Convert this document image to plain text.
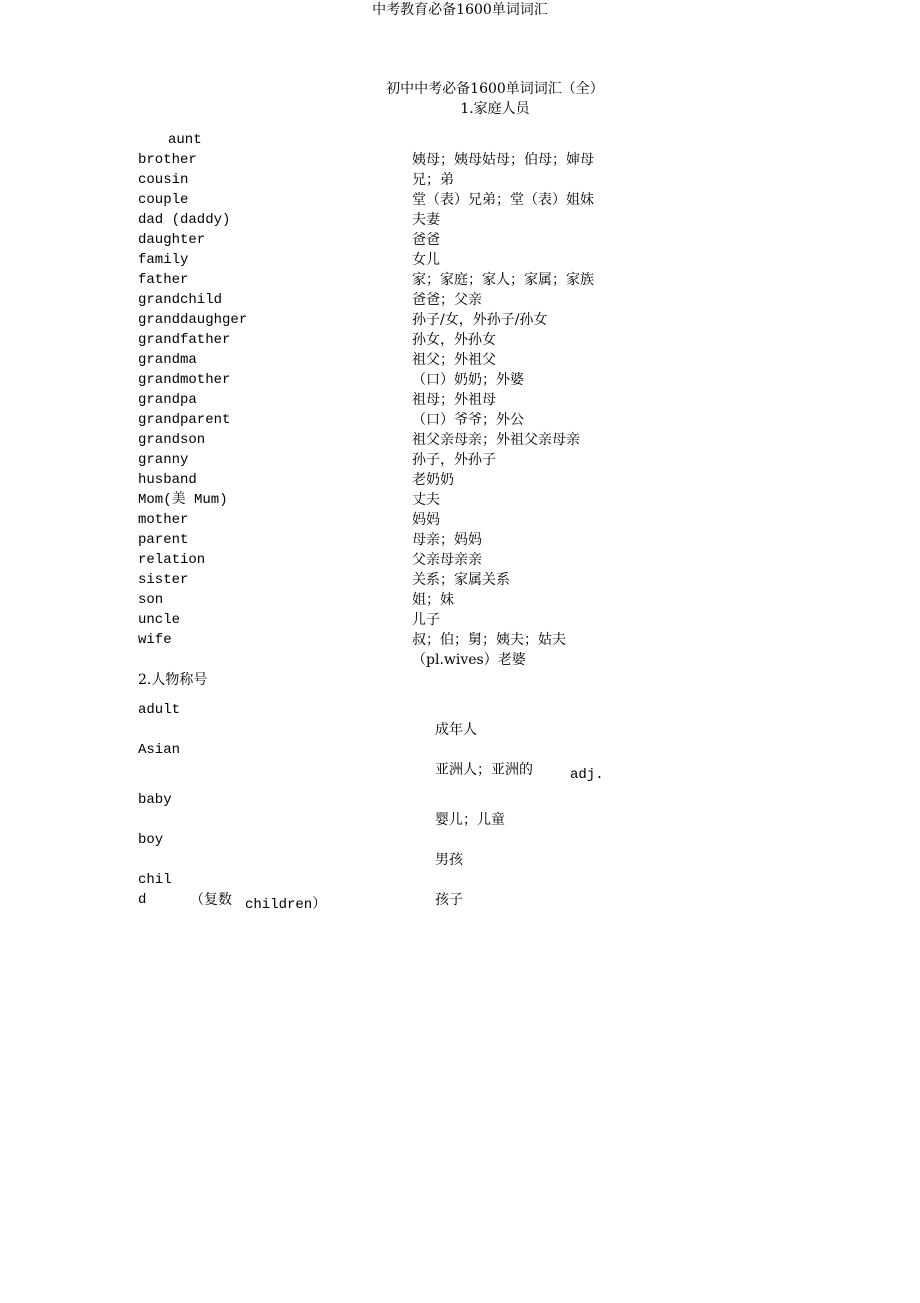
中考教育必备1600单词词汇
初中中考必备1600单词词汇（全）
1.家庭人员
aunt
brother
cousin
couple
dad (daddy)
daughter
family
father
grandchild
granddaughger
grandfather
grandma
grandmother
grandpa
grandparent
grandson
granny
husband
Mom(美 Mum)
mother
parent
relation
sister
son
uncle
wife
姨母；姨母姑母；伯母；婶母
兄；弟
堂（表）兄弟；堂（表）姐妹
夫妻
爸爸
女儿
家；家庭；家人；家属；家族
爸爸；父亲
孙子/女，外孙子/孙女
孙女，外孙女
祖父；外祖父
（口）奶奶；外婆
祖母；外祖母
（口）爷爷；外公
祖父亲母亲；外祖父亲母亲
孙子，外孙子
老奶奶
丈夫
妈妈
母亲；妈妈
父亲母亲亲
关系；家属关系
姐；妹
儿子
叔；伯；舅；姨夫；姑夫
（pl.wives）老婆
2.人物称号
adult
Asian
baby
boy
chil
d	（复数 children）
成年人
亚洲人；亚洲的	adj.
婴儿；儿童
男孩
孩子
